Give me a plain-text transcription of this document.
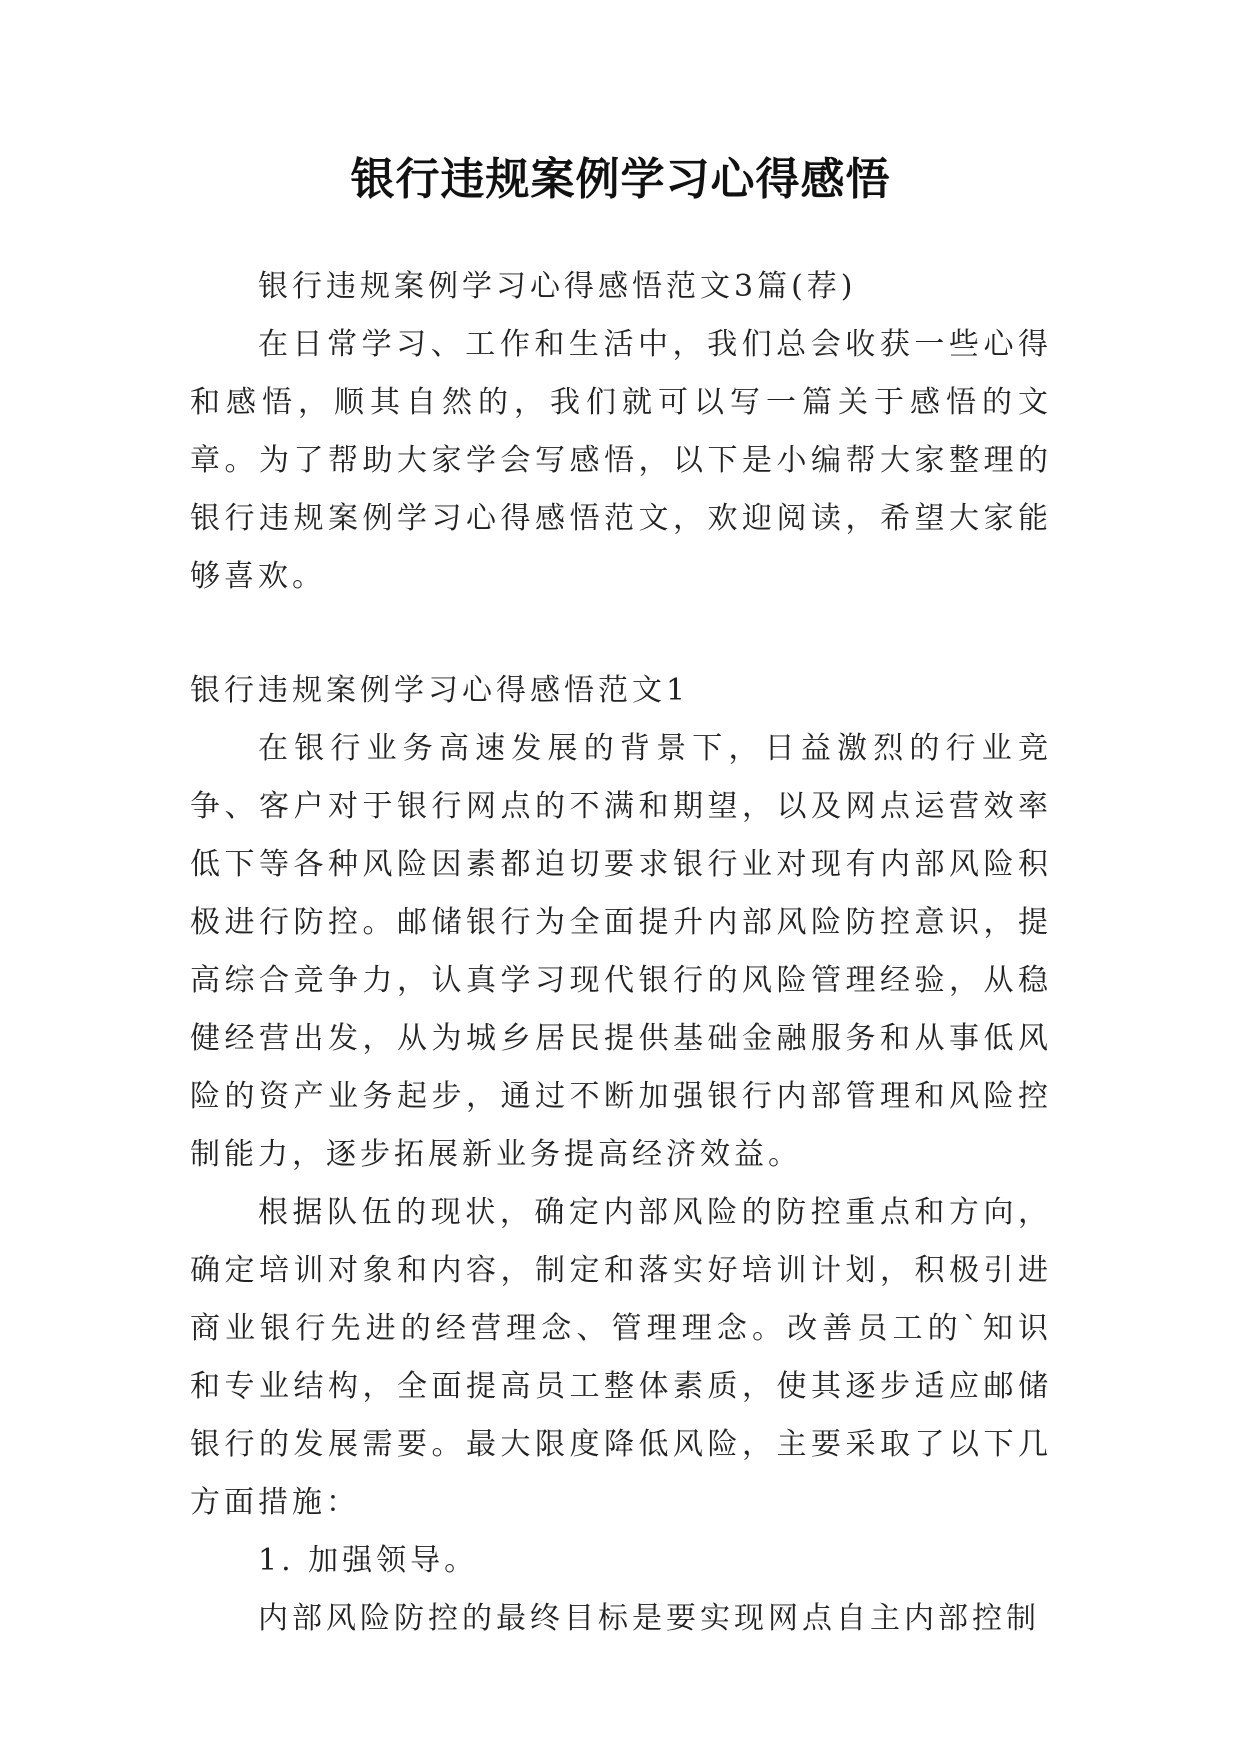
银行违规案例学习心得感悟

银行违规案例学习心得感悟范文3篇(荐)

在日常学习、工作和生活中，我们总会收获一些心得和感悟，顺其自然的，我们就可以写一篇关于感悟的文章。为了帮助大家学会写感悟，以下是小编帮大家整理的银行违规案例学习心得感悟范文，欢迎阅读，希望大家能够喜欢。

银行违规案例学习心得感悟范文1

在银行业务高速发展的背景下，日益激烈的行业竞争、客户对于银行网点的不满和期望，以及网点运营效率低下等各种风险因素都迫切要求银行业对现有内部风险积极进行防控。邮储银行为全面提升内部风险防控意识，提高综合竞争力，认真学习现代银行的风险管理经验，从稳健经营出发，从为城乡居民提供基础金融服务和从事低风险的资产业务起步，通过不断加强银行内部管理和风险控制能力，逐步拓展新业务提高经济效益。

根据队伍的现状，确定内部风险的防控重点和方向，确定培训对象和内容，制定和落实好培训计划，积极引进商业银行先进的经营理念、管理理念。改善员工的`知识和专业结构，全面提高员工整体素质，使其逐步适应邮储银行的发展需要。最大限度降低风险，主要采取了以下几方面措施：

1. 加强领导。

内部风险防控的最终目标是要实现网点自主内部控制
